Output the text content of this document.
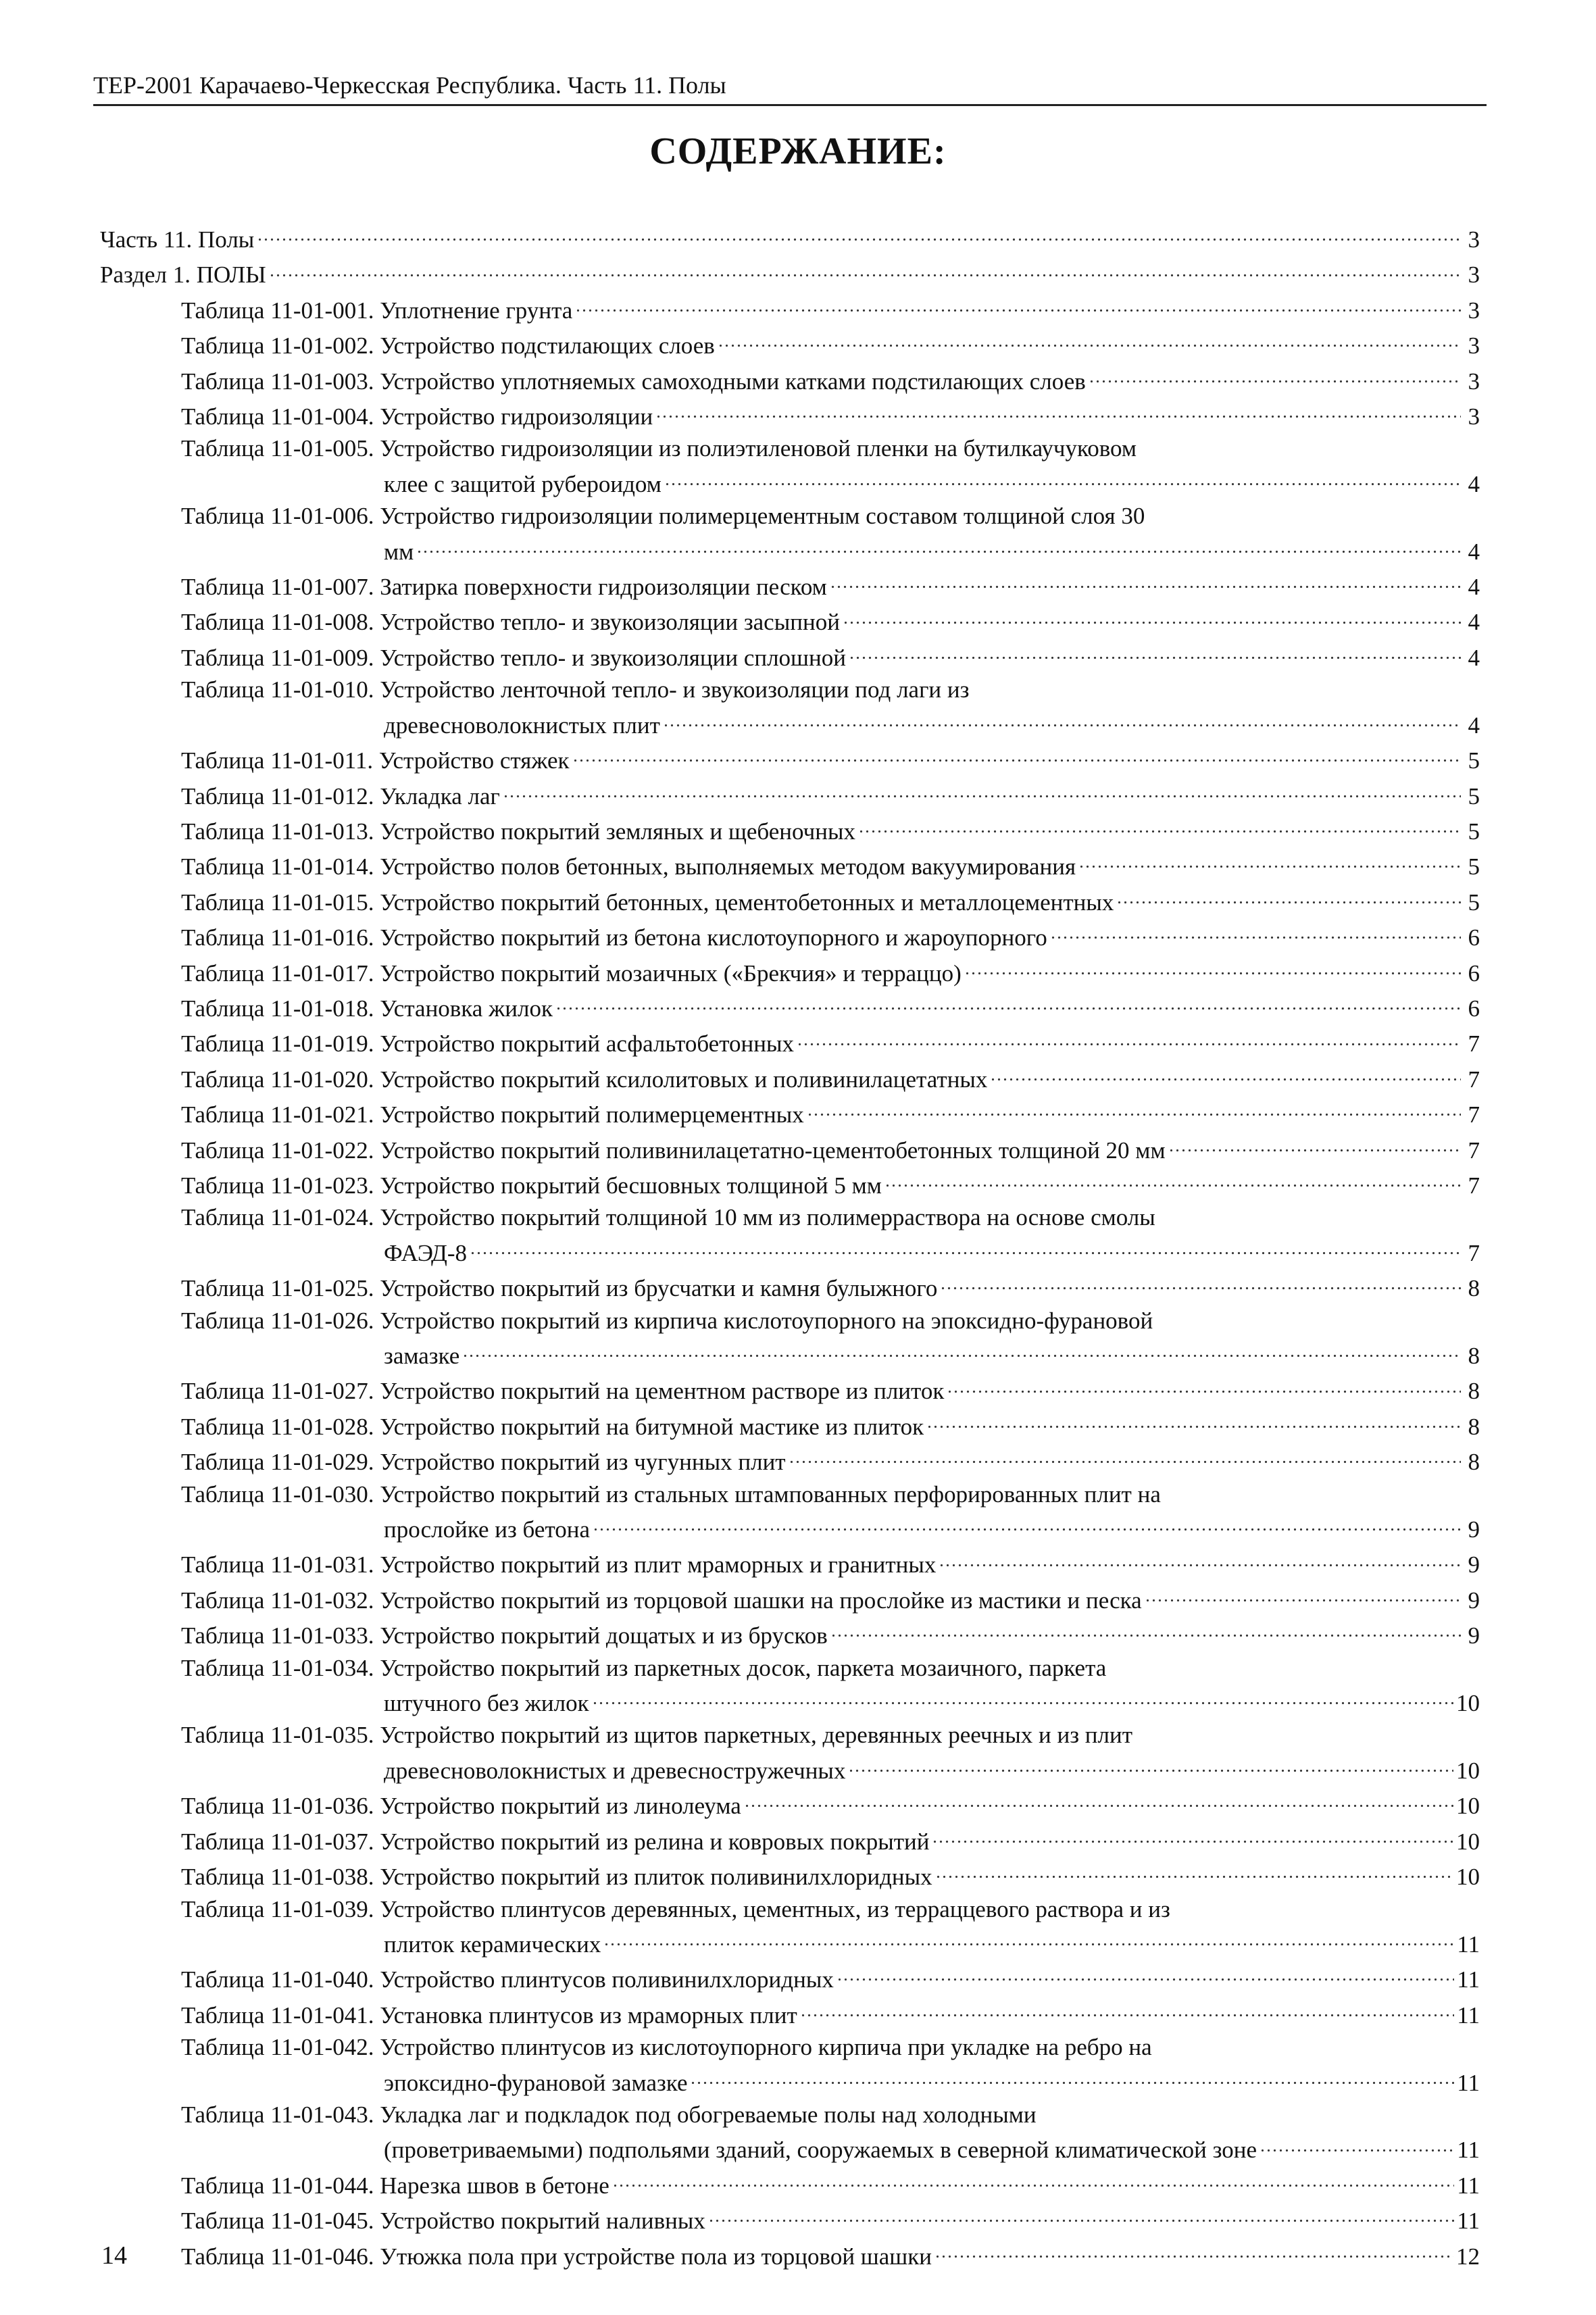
ТЕР-2001 Карачаево-Черкесская Республика. Часть 11. Полы
СОДЕРЖАНИЕ:
Часть 11. Полы	3
Раздел 1. ПОЛЫ	3
Таблица 11-01-001. Уплотнение грунта	3
Таблица 11-01-002. Устройство подстилающих слоев	3
Таблица 11-01-003. Устройство уплотняемых самоходными катками подстилающих слоев	3
Таблица 11-01-004. Устройство гидроизоляции	3
Таблица 11-01-005. Устройство гидроизоляции из полиэтиленовой пленки на бутилкаучуковом
клее с защитой рубероидом	4
Таблица 11-01-006. Устройство гидроизоляции полимерцементным составом толщиной слоя 30
мм	4
Таблица 11-01-007. Затирка поверхности гидроизоляции песком	4
Таблица 11-01-008. Устройство тепло- и звукоизоляции засыпной	4
Таблица 11-01-009. Устройство тепло- и звукоизоляции сплошной	4
Таблица 11-01-010. Устройство ленточной тепло- и звукоизоляции под лаги из
древесноволокнистых плит	4
Таблица 11-01-011. Устройство стяжек	5
Таблица 11-01-012. Укладка лаг	5
Таблица 11-01-013. Устройство покрытий земляных и щебеночных	5
Таблица 11-01-014. Устройство полов бетонных, выполняемых методом вакуумирования	5
Таблица 11-01-015. Устройство покрытий бетонных, цементобетонных и металлоцементных	5
Таблица 11-01-016. Устройство покрытий из бетона кислотоупорного и жароупорного	6
Таблица 11-01-017. Устройство покрытий мозаичных («Брекчия» и терраццо)	6
Таблица 11-01-018. Установка жилок	6
Таблица 11-01-019. Устройство покрытий асфальтобетонных	7
Таблица 11-01-020. Устройство покрытий ксилолитовых и поливинилацетатных	7
Таблица 11-01-021. Устройство покрытий полимерцементных	7
Таблица 11-01-022. Устройство покрытий поливинилацетатно-цементобетонных толщиной 20 мм	7
Таблица 11-01-023. Устройство покрытий бесшовных толщиной 5 мм	7
Таблица 11-01-024. Устройство покрытий толщиной 10 мм из полимерраствора на основе смолы
ФАЭД-8	7
Таблица 11-01-025. Устройство покрытий из брусчатки и камня булыжного	8
Таблица 11-01-026. Устройство покрытий из кирпича кислотоупорного на эпоксидно-фурановой
замазке	8
Таблица 11-01-027. Устройство покрытий на цементном растворе из плиток	8
Таблица 11-01-028. Устройство покрытий на битумной мастике из плиток	8
Таблица 11-01-029. Устройство покрытий из чугунных плит	8
Таблица 11-01-030. Устройство покрытий из стальных штампованных перфорированных плит на
прослойке из бетона	9
Таблица 11-01-031. Устройство покрытий из плит мраморных и гранитных	9
Таблица 11-01-032. Устройство покрытий из торцовой шашки на прослойке из мастики и песка	9
Таблица 11-01-033. Устройство покрытий дощатых и из брусков	9
Таблица 11-01-034. Устройство покрытий из паркетных досок, паркета мозаичного, паркета
штучного без жилок	10
Таблица 11-01-035. Устройство покрытий из щитов паркетных, деревянных реечных и из плит
древесноволокнистых и древесностружечных	10
Таблица 11-01-036. Устройство покрытий из линолеума	10
Таблица 11-01-037. Устройство покрытий из релина и ковровых покрытий	10
Таблица 11-01-038. Устройство покрытий из плиток поливинилхлоридных	10
Таблица 11-01-039. Устройство плинтусов деревянных, цементных, из терраццевого раствора и из
плиток керамических	11
Таблица 11-01-040. Устройство плинтусов поливинилхлоридных	11
Таблица 11-01-041. Установка плинтусов из мраморных плит	11
Таблица 11-01-042. Устройство плинтусов из кислотоупорного кирпича при укладке на ребро на
эпоксидно-фурановой замазке	11
Таблица 11-01-043. Укладка лаг и подкладок под обогреваемые полы над холодными
(проветриваемыми) подпольями зданий, сооружаемых в северной климатической зоне	11
Таблица 11-01-044. Нарезка швов в бетоне	11
Таблица 11-01-045. Устройство покрытий наливных	11
Таблица 11-01-046. Утюжка пола при устройстве пола из торцовой шашки	12
14
